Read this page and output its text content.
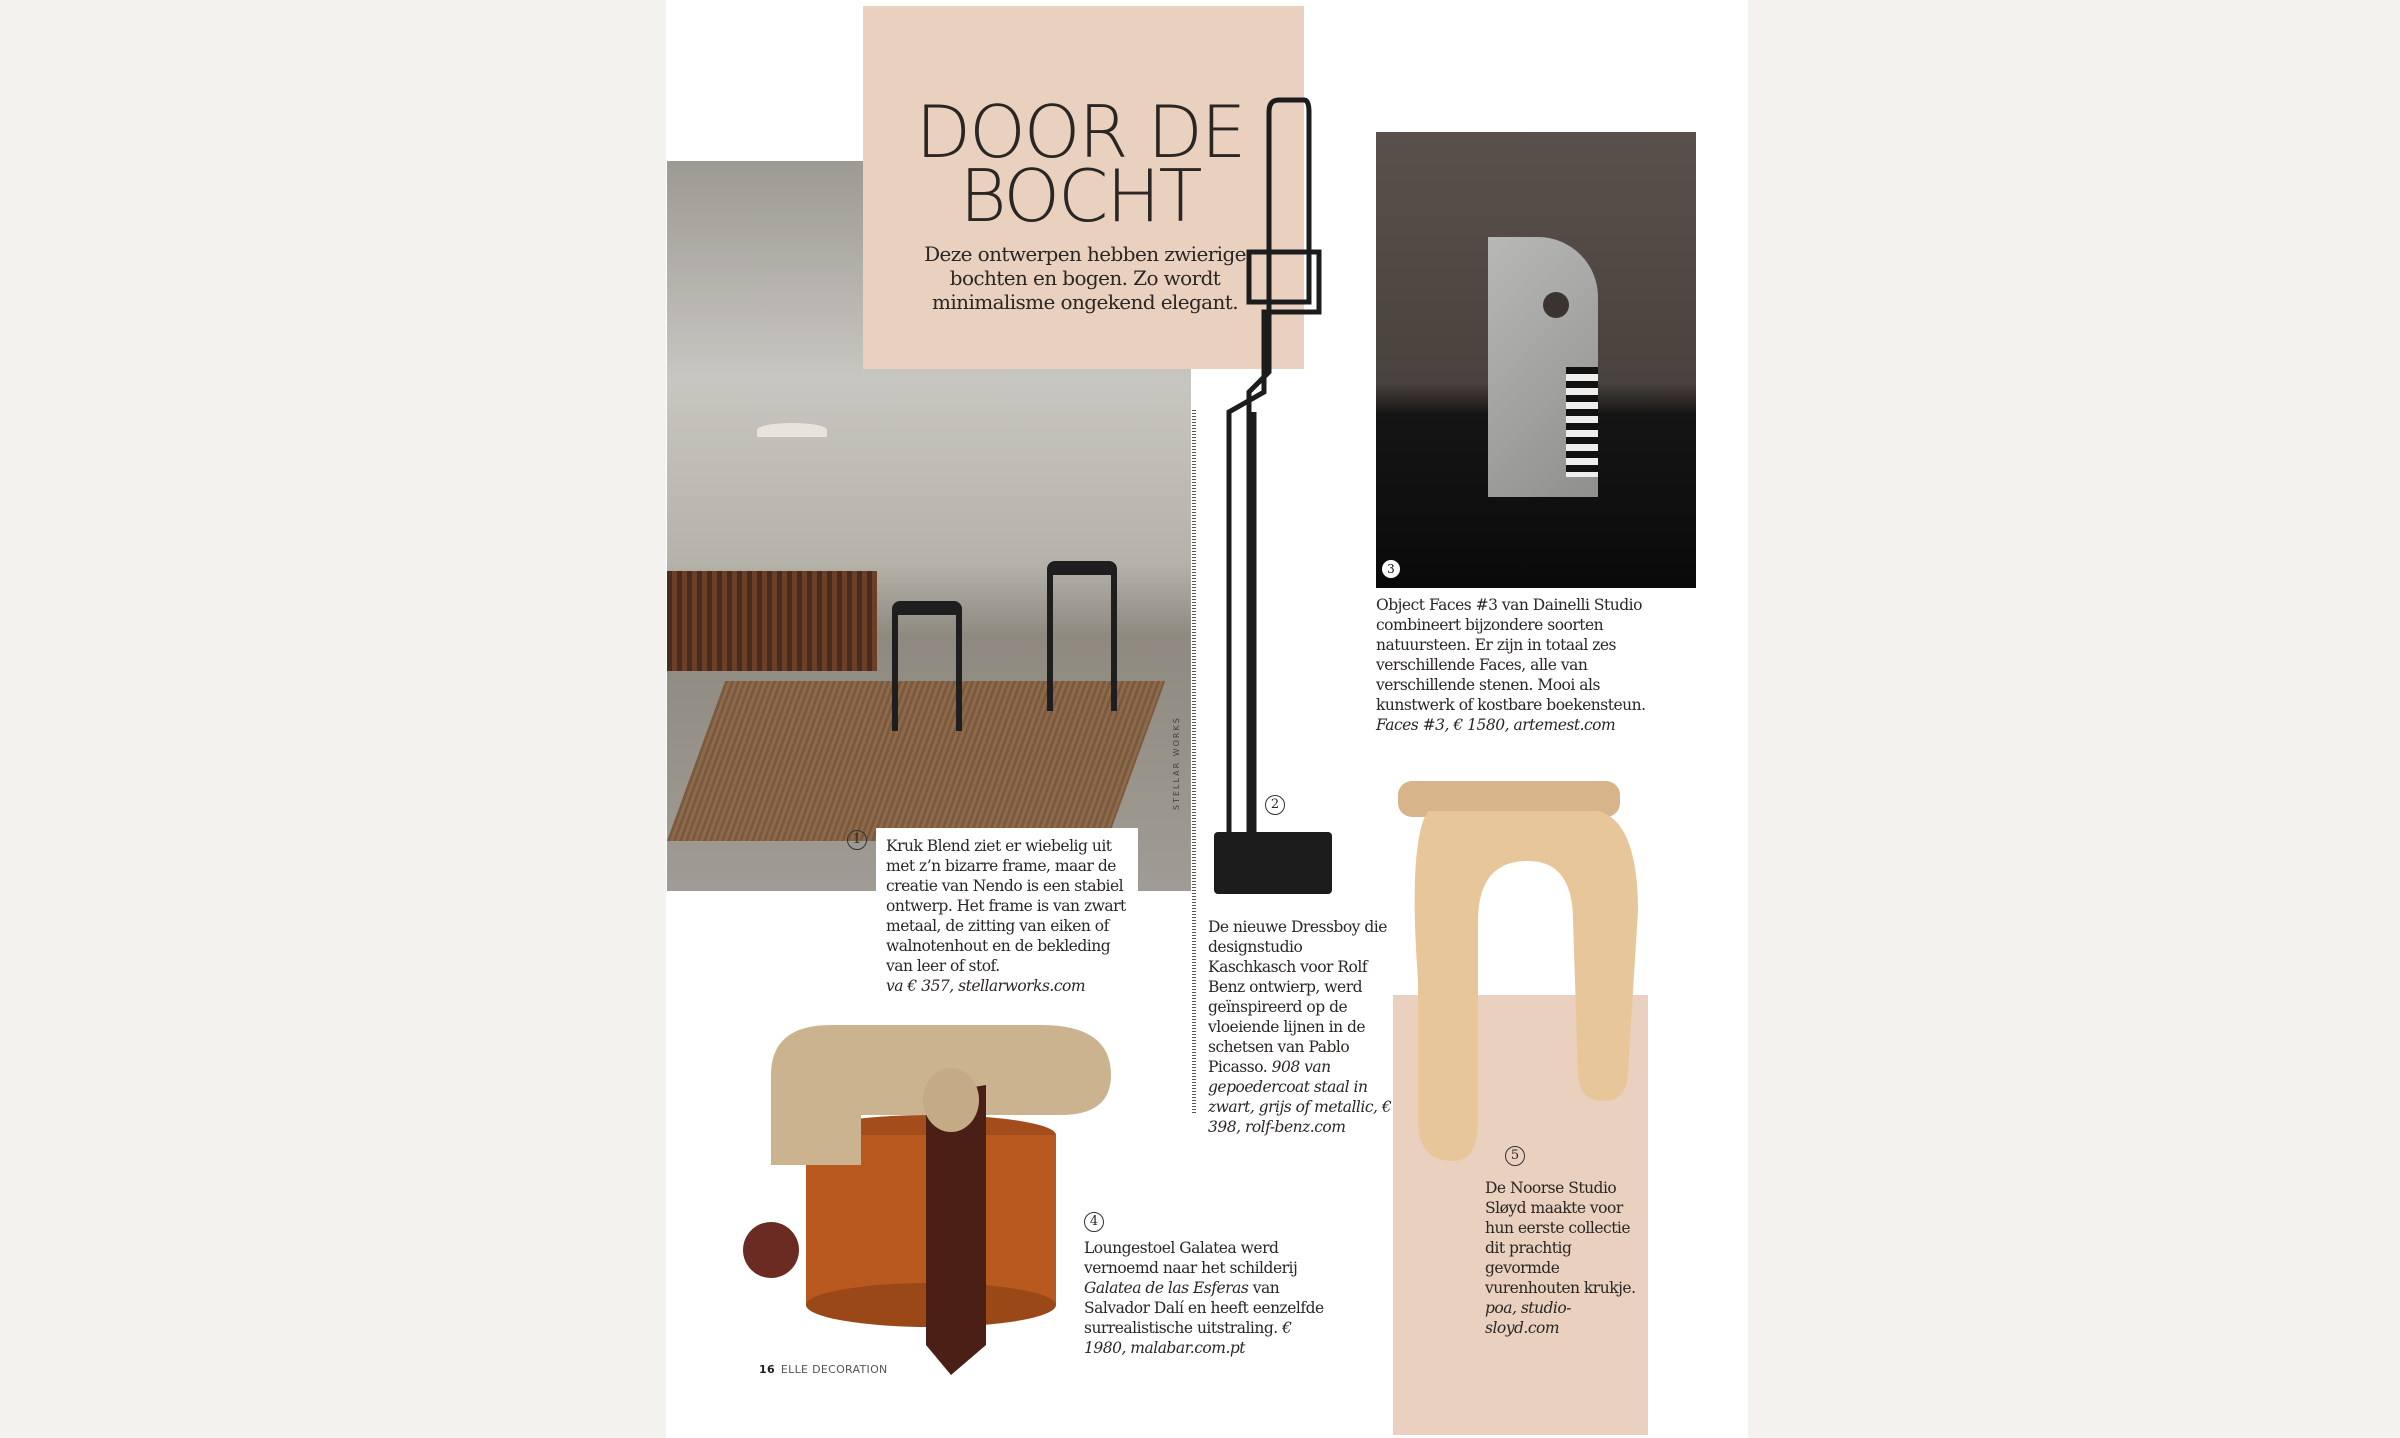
DOOR DE
BOCHT
Deze ontwerpen hebben zwierige bochten en bogen. Zo wordt minimalisme ongekend elegant.
STELLAR WORKS
1	Kruk Blend ziet er wiebelig uit met z’n bizarre frame, maar de creatie van Nendo is een stabiel ontwerp. Het frame is van zwart metaal, de zitting van eiken of walnotenhout en de bekleding van leer of stof.
va € 357, stellarworks.com
2
De nieuwe Dressboy die designstudio Kaschkasch voor Rolf Benz ontwierp, werd geïnspireerd op de vloeiende lijnen in de schetsen van Pablo Picasso. 908 van gepoedercoat staal in zwart, grijs of metallic, € 398, rolf-benz.com
3
Object Faces #3 van Dainelli Studio combineert bijzondere soorten natuursteen. Er zijn in totaal zes verschillende Faces, alle van verschillende stenen. Mooi als kunstwerk of kostbare boekensteun.
Faces #3, € 1580, artemest.com
4
Loungestoel Galatea werd vernoemd naar het schilderij Galatea de las Esferas van Salvador Dalí en heeft eenzelfde surrealistische uitstraling. € 1980, malabar.com.pt
5
De Noorse Studio Sløyd maakte voor hun eerste collectie dit prachtig gevormde vurenhouten krukje.
poa, studio-sloyd.com
16 ELLE DECORATION
